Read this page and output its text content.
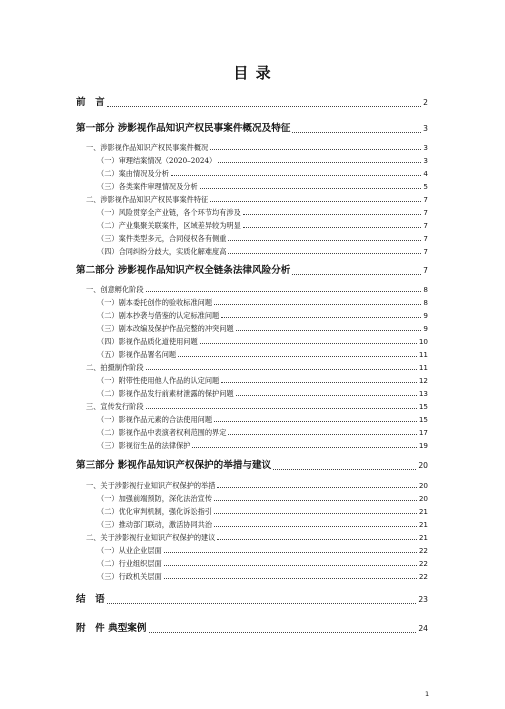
目 录
前　言	2
第一部分 涉影视作品知识产权民事案件概况及特征	3
一、涉影视作品知识产权民事案件概况	3
（一）审理结案情况（2020–2024）	3
（二）案由情况及分析	4
（三）各类案件审理情况及分析	5
二、涉影视作品知识产权民事案件特征	7
（一）风险贯穿全产业链，各个环节均有涉及	7
（二）产业集聚关联案件，区域差异较为明显	7
（三）案件类型多元，合同侵权各有侧重	7
（四）合同纠纷分歧大，实质化解难度高	7
第二部分 涉影视作品知识产权全链条法律风险分析	7
一、创意孵化阶段	8
（一）剧本委托创作的验收标准问题	8
（二）剧本抄袭与借鉴的认定标准问题	9
（三）剧本改编及保护作品完整的冲突问题	9
（四）影视作品质化道使用问题	10
（五）影视作品署名问题	11
二、拍摄制作阶段	11
（一）附带性使用他人作品的认定问题	12
（二）影视作品发行前素材泄露的保护问题	13
三、宣传发行阶段	15
（一）影视作品元素的合法使用问题	15
（二）影视作品中表演者权利范围的界定	17
（三）影视衍生品的法律保护	19
第三部分 影视作品知识产权保护的举措与建议	20
一、关于涉影视行业知识产权保护的举措	20
（一）加强前端预防，深化法治宣传	20
（二）优化审判机制，强化诉讼指引	21
（三）推动部门联动，激活协同共治	21
二、关于涉影视行业知识产权保护的建议	21
（一）从业企业层面	22
（二）行业组织层面	22
（三）行政机关层面	22
结　语	23
附　件 典型案例	24
1
